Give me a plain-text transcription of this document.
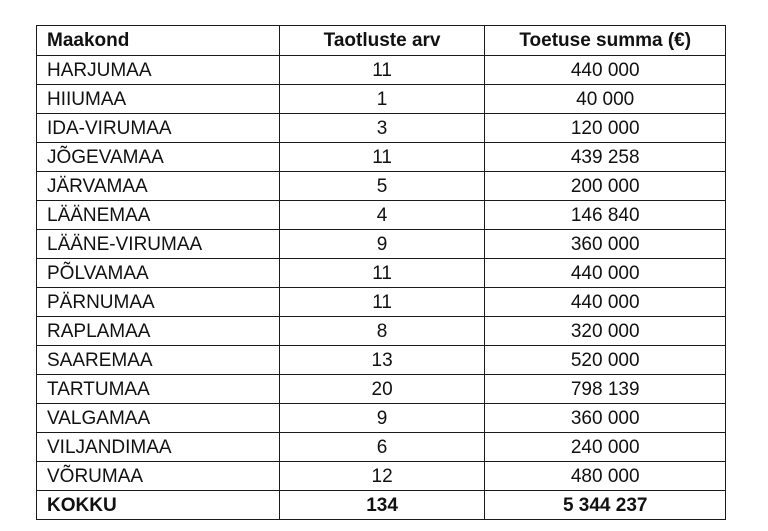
Maakond	Taotluste arv	Toetuse summa (€)
HARJUMAA	11	440 000
HIIUMAA	1	40 000
IDA-VIRUMAA	3	120 000
JÕGEVAMAA	11	439 258
JÄRVAMAA	5	200 000
LÄÄNEMAA	4	146 840
LÄÄNE-VIRUMAA	9	360 000
PÕLVAMAA	11	440 000
PÄRNUMAA	11	440 000
RAPLAMAA	8	320 000
SAAREMAA	13	520 000
TARTUMAA	20	798 139
VALGAMAA	9	360 000
VILJANDIMAA	6	240 000
VÕRUMAA	12	480 000
KOKKU	134	5 344 237
